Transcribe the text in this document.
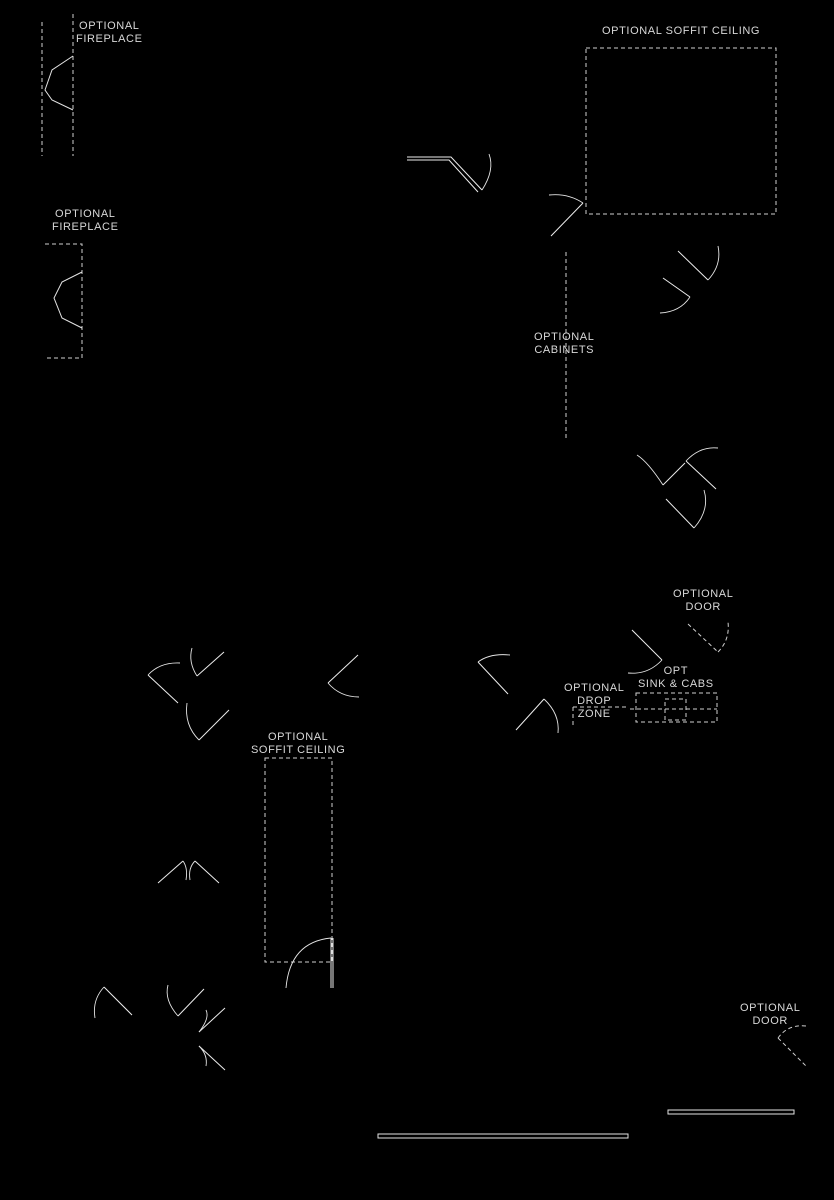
OPTIONAL
FIREPLACE
OPTIONAL
FIREPLACE
OPTIONAL SOFFIT CEILING
OPTIONAL
CABINETS
OPTIONAL
DOOR
OPT
SINK & CABS
OPTIONAL
DROP
ZONE
OPTIONAL
SOFFIT CEILING
OPTIONAL
DOOR
